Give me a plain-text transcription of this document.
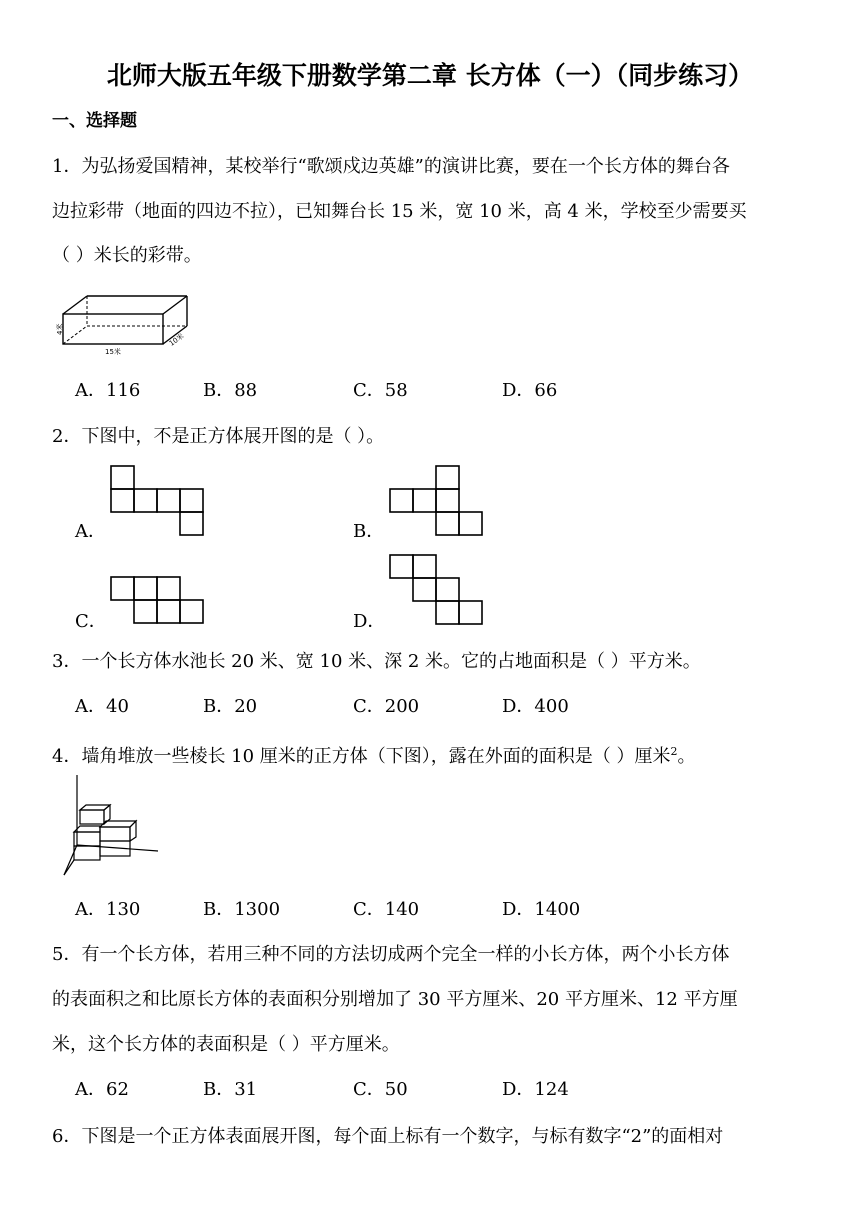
北师大版五年级下册数学第二章 长方体（一）（同步练习）
一、选择题
1．为弘扬爱国精神，某校举行“歌颂戍边英雄”的演讲比赛，要在一个长方体的舞台各
边拉彩带（地面的四边不拉），已知舞台长 15 米，宽 10 米，高 4 米，学校至少需要买
（ ）米长的彩带。
4米
15米
10米
A．116	B．88	C．58	D．66
2．下图中，不是正方体展开图的是（ ）。
A．	B．
C．	D．
3．一个长方体水池长 20 米、宽 10 米、深 2 米。它的占地面积是（ ）平方米。
A．40	B．20	C．200	D．400
4．墙角堆放一些棱长 10 厘米的正方体（下图），露在外面的面积是（ ）厘米$^2$。
A．130	B．1300	C．140	D．1400
5．有一个长方体，若用三种不同的方法切成两个完全一样的小长方体，两个小长方体
的表面积之和比原长方体的表面积分别增加了 30 平方厘米、20 平方厘米、12 平方厘
米，这个长方体的表面积是（ ）平方厘米。
A．62	B．31	C．50	D．124
6．下图是一个正方体表面展开图，每个面上标有一个数字，与标有数字“2”的面相对
